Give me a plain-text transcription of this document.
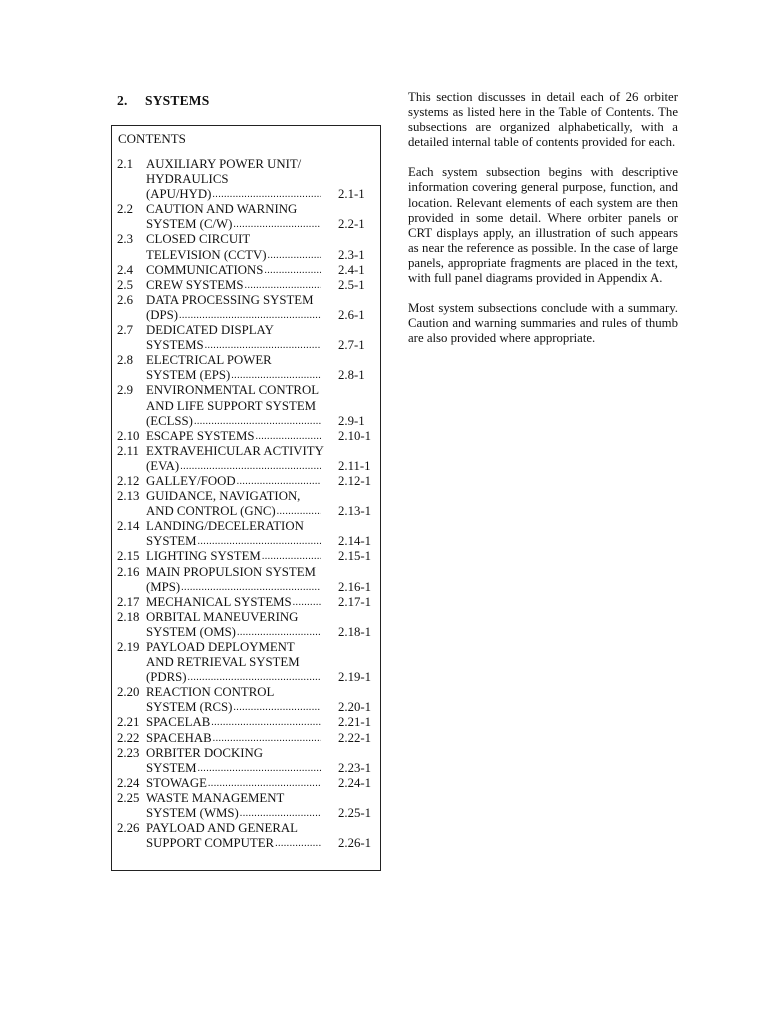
2. SYSTEMS
CONTENTS
2.1 AUXILIARY POWER UNIT/
HYDRAULICS
(APU/HYD) .....	2.1-1
2.2 CAUTION AND WARNING
SYSTEM (C/W) .....	2.2-1
2.3 CLOSED CIRCUIT
TELEVISION (CCTV) .....	2.3-1
2.4 COMMUNICATIONS .....	2.4-1
2.5 CREW SYSTEMS .....	2.5-1
2.6 DATA PROCESSING SYSTEM
(DPS) .....	2.6-1
2.7 DEDICATED DISPLAY
SYSTEMS .....	2.7-1
2.8 ELECTRICAL POWER
SYSTEM (EPS) .....	2.8-1
2.9 ENVIRONMENTAL CONTROL
AND LIFE SUPPORT SYSTEM
(ECLSS) .....	2.9-1
2.10 ESCAPE SYSTEMS .....	2.10-1
2.11 EXTRAVEHICULAR ACTIVITY
(EVA) .....	2.11-1
2.12 GALLEY/FOOD .....	2.12-1
2.13 GUIDANCE, NAVIGATION,
AND CONTROL (GNC) .....	2.13-1
2.14 LANDING/DECELERATION
SYSTEM .....	2.14-1
2.15 LIGHTING SYSTEM .....	2.15-1
2.16 MAIN PROPULSION SYSTEM
(MPS) .....	2.16-1
2.17 MECHANICAL SYSTEMS .....	2.17-1
2.18 ORBITAL MANEUVERING
SYSTEM (OMS) .....	2.18-1
2.19 PAYLOAD DEPLOYMENT
AND RETRIEVAL SYSTEM
(PDRS) .....	2.19-1
2.20 REACTION CONTROL
SYSTEM (RCS) .....	2.20-1
2.21 SPACELAB .....	2.21-1
2.22 SPACEHAB .....	2.22-1
2.23 ORBITER DOCKING
SYSTEM .....	2.23-1
2.24 STOWAGE .....	2.24-1
2.25 WASTE MANAGEMENT
SYSTEM (WMS) .....	2.25-1
2.26 PAYLOAD AND GENERAL
SUPPORT COMPUTER .....	2.26-1

This section discusses in detail each of 26 orbiter systems as listed here in the Table of Contents. The subsections are organized alphabetically, with a detailed internal table of contents provided for each.

Each system subsection begins with descriptive information covering general purpose, function, and location. Relevant elements of each system are then provided in some detail. Where orbiter panels or CRT displays apply, an illustration of such appears as near the reference as possible. In the case of large panels, appropriate fragments are placed in the text, with full panel diagrams provided in Appendix A.

Most system subsections conclude with a summary. Caution and warning summaries and rules of thumb are also provided where appropriate.
